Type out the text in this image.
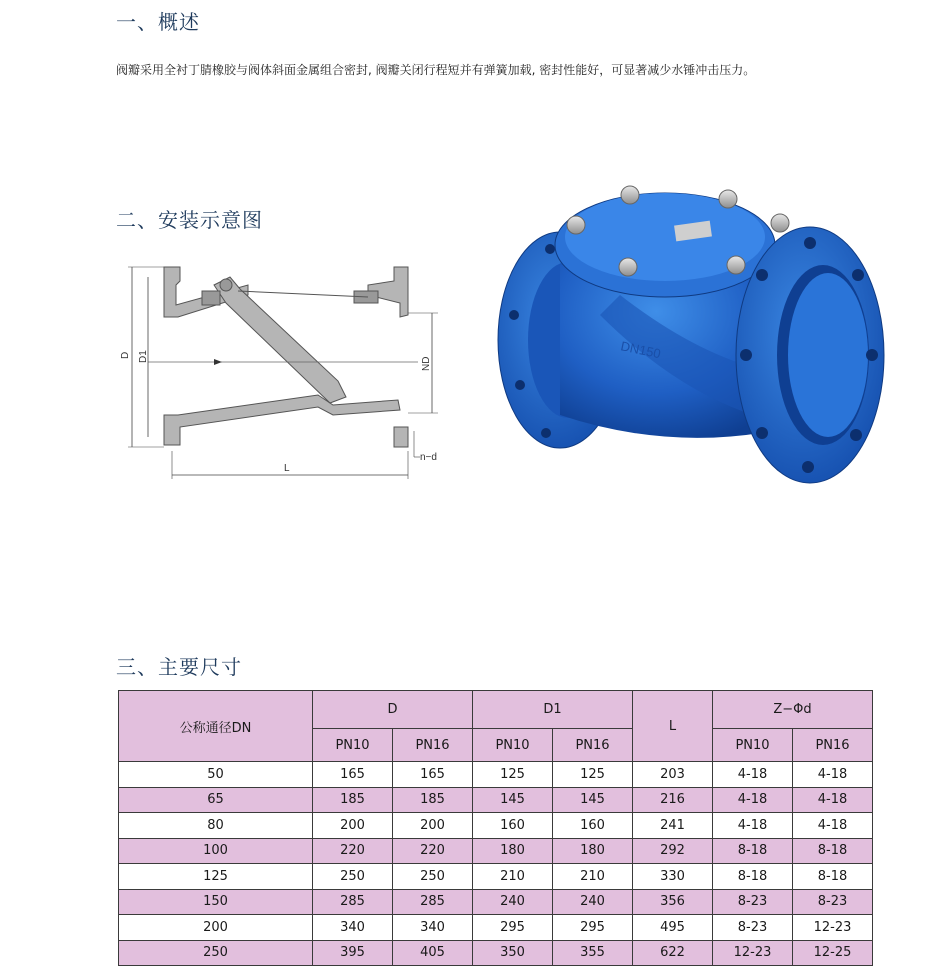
一、概述
阀瓣采用全衬丁腈橡胶与阀体斜面金属组合密封, 阀瓣关闭行程短并有弹簧加载, 密封性能好，可显著减少水锤冲击压力。
二、安装示意图
D D1	ND
L
n−d
DN150
三、主要尺寸
公称通径DN	D		D1		L	Z−Φd	
	PN10	PN16	PN10	PN16		PN10	PN16
50	165	165	125	125	203	4-18	4-18
65	185	185	145	145	216	4-18	4-18
80	200	200	160	160	241	4-18	4-18
100	220	220	180	180	292	8-18	8-18
125	250	250	210	210	330	8-18	8-18
150	285	285	240	240	356	8-23	8-23
200	340	340	295	295	495	8-23	12-23
250	395	405	350	355	622	12-23	12-25
